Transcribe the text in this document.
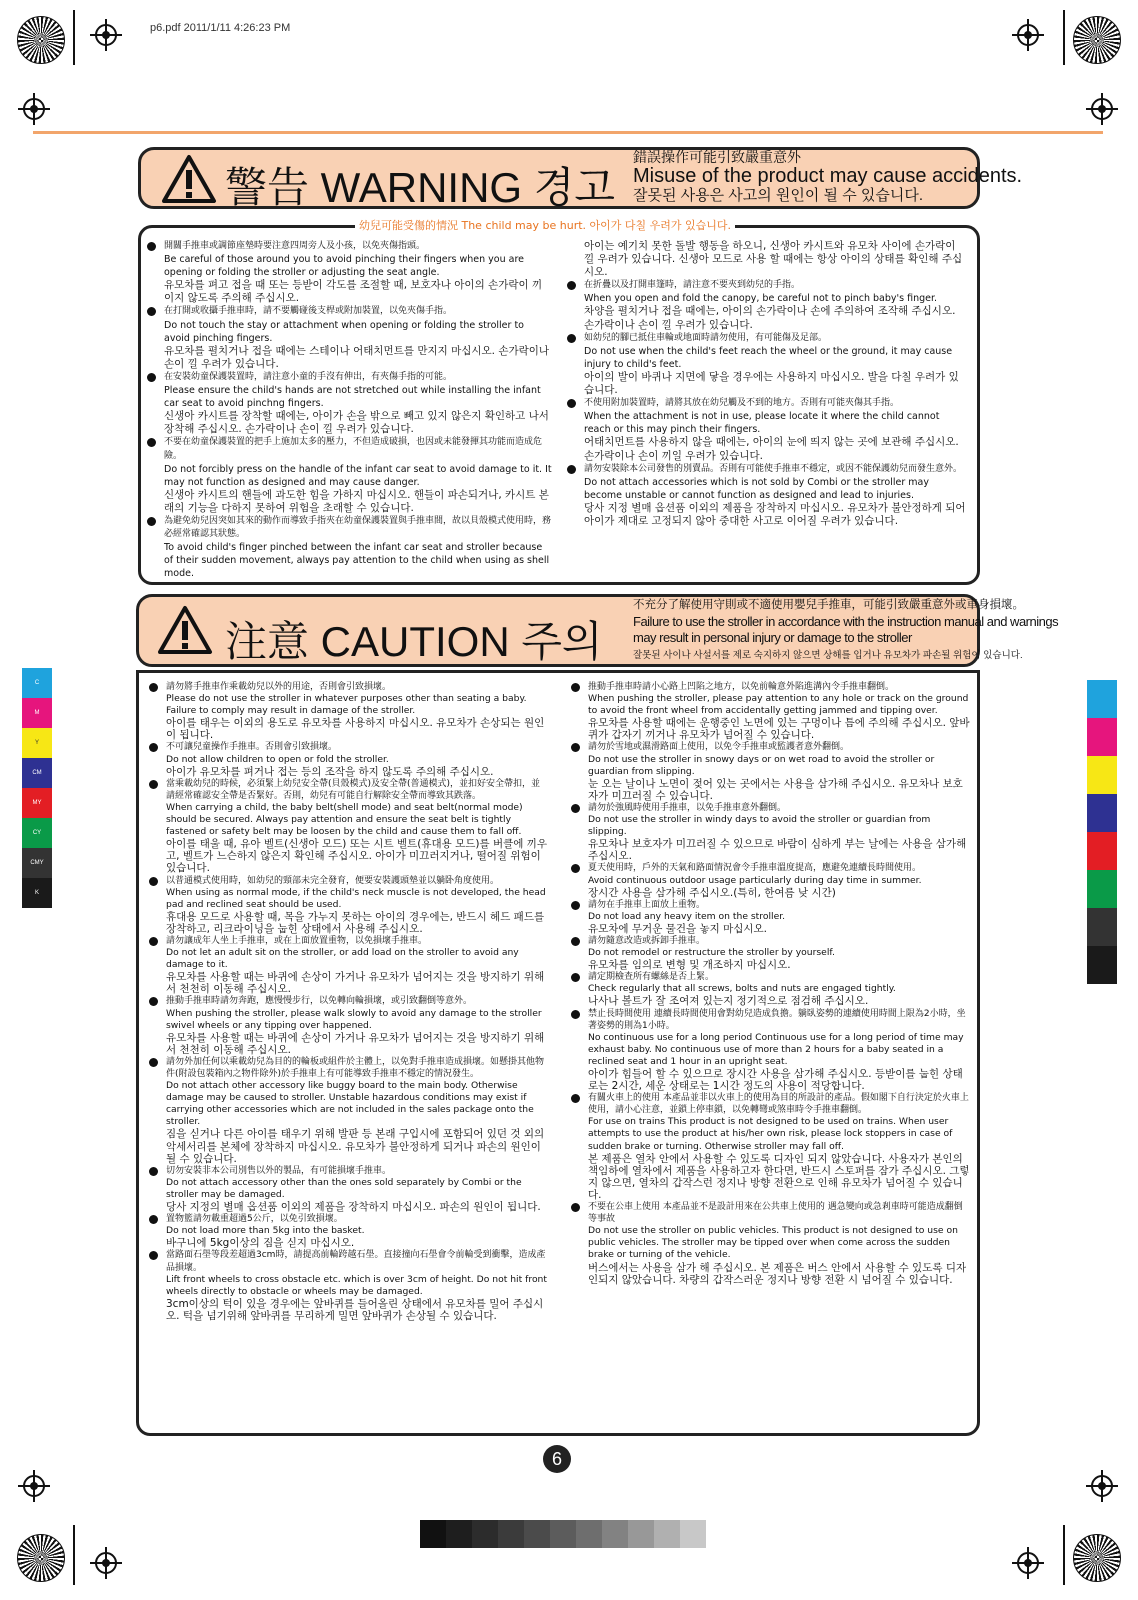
p6.pdf 2011/1/11 4:26:23 PM
C
M
Y
CM
MY
CY
CMY
K
警告 WARNING 경고
錯誤操作可能引致嚴重意外
Misuse of the product may cause accidents.
잘못된 사용은 사고의 원인이 될 수 있습니다.
開關手推車或調節座墊時要注意四周旁人及小孩，以免夾傷指頭。
Be careful of those around you to avoid pinching their fingers when you are opening or folding the stroller or adjusting the seat angle.
유모차를 펴고 접을 때 또는 등받이 각도를 조절할 때, 보호자나 아이의 손가락이 끼이지 않도록 주의해 주십시오.
在打開或收攝手推車時，請不要觸碰後支桿或附加裝置，以免夾傷手指。
Do not touch the stay or attachment when opening or folding the stroller to avoid pinching fingers.
유모차를 펼치거나 접을 때에는 스테이나 어태치먼트를 만지지 마십시오. 손가락이나 손이 낄 우려가 있습니다.
在安裝幼童保護裝置時，請注意小童的手沒有伸出，有夾傷手指的可能。
Please ensure the child's hands are not stretched out while installing the infant car seat to avoid pinchng fingers.
신생아 카시트를 장착할 때에는, 아이가 손을 밖으로 빼고 있지 않은지 확인하고 나서 장착해 주십시오. 손가락이나 손이 낄 우려가 있습니다.
不要在幼童保護裝置的把手上施加太多的壓力，不但造成破損，也因或未能發揮其功能而造成危險。
Do not forcibly press on the handle of the infant car seat to avoid damage to it. It may not function as designed and may cause danger.
신생아 카시트의 핸들에 과도한 힘을 가하지 마십시오. 핸들이 파손되거나, 카시트 본래의 기능을 다하지 못하여 위험을 초래할 수 있습니다.
為避免幼兒因突如其來的動作而導致手指夾在幼童保護裝置與手推車間，故以貝殼模式使用時，務必經常確認其狀態。
To avoid child's finger pinched between the infant car seat and stroller because of their sudden movement, always pay attention to the child when using as shell mode.
아이는 예기치 못한 돌발 행동을 하오니, 신생아 카시트와 유모차 사이에 손가락이 낄 우려가 있습니다. 신생아 모드로 사용 할 때에는 항상 아이의 상태를 확인해 주십시오.
在折疊以及打開車篷時，請注意不要夾到幼兒的手指。
When you open and fold the canopy, be careful not to pinch baby's finger.
차양을 펼치거나 접을 때에는, 아이의 손가락이나 손에 주의하여 조작해 주십시오. 손가락이나 손이 낄 우려가 있습니다.
如幼兒的腳已抵住車輪或地面時請勿使用，有可能傷及足部。
Do not use when the child's feet reach the wheel or the ground, it may cause injury to child's feet.
아이의 발이 바퀴나 지면에 닿을 경우에는 사용하지 마십시오. 발을 다칠 우려가 있습니다.
不使用附加裝置時，請將其放在幼兒觸及不到的地方。否則有可能夾傷其手指。
When the attachment is not in use, please locate it where the child cannot reach or this may pinch their fingers.
어태치먼트를 사용하지 않을 때에는, 아이의 눈에 띄지 않는 곳에 보관해 주십시오. 손가락이나 손이 끼일 우려가 있습니다.
請勿安裝除本公司發售的別賣品。否則有可能使手推車不穩定，或因不能保護幼兒而發生意外。
Do not attach accessories which is not sold by Combi or the stroller may become unstable or cannot function as designed and lead to injuries.
당사 지정 별매 옵션품 이외의 제품을 장착하지 마십시오. 유모차가 불안정하게 되어 아이가 제대로 고정되지 않아 중대한 사고로 이어질 우려가 있습니다.
幼兒可能受傷的情況 The child may be hurt. 아이가 다칠 우려가 있습니다.
注意 CAUTION 주의
不充分了解使用守則或不適使用嬰兒手推車，可能引致嚴重意外或車身損壞。
Failure to use the stroller in accordance with the instruction manual and warnings
may result in personal injury or damage to the stroller
잘못된 사이나 사설서를 제로 숙지하지 않으면 상해를 입거나 유모차가 파손될 위험이 있습니다.
請勿將手推車作乘載幼兒以外的用途，否則會引致損壞。
Please do not use the stroller in whatever purposes other than seating a baby. Failure to comply may result in damage of the stroller.
아이를 태우는 이외의 용도로 유모차를 사용하지 마십시오. 유모차가 손상되는 원인이 됩니다.
不可讓兒童操作手推車。否則會引致損壞。
Do not allow children to open or fold the stroller.
아이가 유모차를 펴거나 접는 등의 조작을 하지 않도록 주의해 주십시오.
當乘載幼兒的時候，必須緊上幼兒安全帶(貝殼模式)及安全帶(普通模式)，並扣好安全帶扣，並請經常確認安全帶是否緊好。否則，幼兒有可能自行解除安全帶而導致其跌落。
When carrying a child, the baby belt(shell mode) and seat belt(normal mode) should be secured. Always pay attention and ensure the seat belt is tightly fastened or safety belt may be loosen by the child and cause them to fall off.
아이를 태울 때, 유아 벨트(신생아 모드) 또는 시트 벨트(휴대용 모드)를 버클에 끼우고, 벨트가 느슨하지 않은지 확인해 주십시오. 아이가 미끄러지거나, 떨어질 위험이 있습니다.
以普通模式使用時，如幼兒的頸部未完全發育，便要安裝護頭墊並以躺卧角度使用。
When using as normal mode, if the child's neck muscle is not developed, the head pad and reclined seat should be used.
휴대용 모드로 사용할 때, 목을 가누지 못하는 아이의 경우에는, 반드시 헤드 패드를 장착하고, 리크라이닝을 눕힌 상태에서 사용해 주십시오.
請勿讓成年人坐上手推車，或在上面放置重物，以免損壞手推車。
Do not let an adult sit on the stroller, or add load on the stroller to avoid any damage to it.
유모차를 사용할 때는 바퀴에 손상이 가거나 유모차가 넘어지는 것을 방지하기 위해서 천천히 이동해 주십시오.
推動手推車時請勿奔跑，應慢慢步行，以免轉向輪損壞，或引致翻倒等意外。
When pushing the stroller, please walk slowly to avoid any damage to the stroller swivel wheels or any tipping over happened.
유모차를 사용할 때는 바퀴에 손상이 가거나 유모차가 넘어지는 것을 방지하기 위해서 천천히 이동해 주십시오.
請勿外加任何以乘載幼兒為目的的輪板或組件於主體上，以免對手推車造成損壞。如懸掛其他物件(附設包裝箱內之物件除外)於手推車上有可能導致手推車不穩定的情況發生。
Do not attach other accessory like buggy board to the main body. Otherwise damage may be caused to stroller. Unstable hazardous conditions may exist if carrying other accessories which are not included in the sales package onto the stroller.
짐을 싣거나 다른 아이를 태우기 위해 발판 등 본래 구입시에 포함되어 있던 것 외의 악세서리를 본체에 장착하지 마십시오. 유모차가 불안정하게 되거나 파손의 원인이 될 수 있습니다.
切勿安裝非本公司別售以外的製品，有可能損壞手推車。
Do not attach accessory other than the ones sold separately by Combi or the stroller may be damaged.
당사 지정의 별매 옵션품 이외의 제품을 장착하지 마십시오. 파손의 원인이 됩니다.
置物籃請勿載重超過5公斤，以免引致損壞。
Do not load more than 5kg into the basket.
바구니에 5kg이상의 짐을 싣지 마십시오.
當路面石壆等段差超過3cm時，請提高前輪跨越石壆。直接撞向石壆會令前輪受到衝擊，造成產品損壞。
Lift front wheels to cross obstacle etc. which is over 3cm of height. Do not hit front wheels directly to obstacle or wheels may be damaged.
3cm이상의 턱이 있을 경우에는 앞바퀴를 들어올린 상태에서 유모차를 밀어 주십시오. 턱을 넘기위해 앞바퀴를 무리하게 밀면 앞바퀴가 손상될 수 있습니다.
推動手推車時請小心路上凹陷之地方，以免前輪意外陷進溝內令手推車翻倒。
When pushing the stroller, please pay attention to any hole or track on the ground to avoid the front wheel from accidentally getting jammed and tipping over.
유모차를 사용할 때에는 운행중인 노면에 있는 구멍이나 틈에 주의해 주십시오. 앞바퀴가 갑자기 끼거나 유모차가 넘어질 수 있습니다.
請勿於雪地或濕滑路面上使用，以免令手推車或監護者意外翻倒。
Do not use the stroller in snowy days or on wet road to avoid the stroller or guardian from slipping.
눈 오는 날이나 노면이 젖어 있는 곳에서는 사용을 삼가해 주십시오. 유모차나 보호자가 미끄러질 수 있습니다.
請勿於強風時使用手推車，以免手推車意外翻倒。
Do not use the stroller in windy days to avoid the stroller or guardian from slipping.
유모차나 보호자가 미끄러질 수 있으므로 바람이 심하게 부는 날에는 사용을 삼가해 주십시오.
夏天使用時，戶外的天氣和路面情況會令手推車溫度提高，應避免連續長時間使用。
Avoid continuous outdoor usage particularly during day time in summer.
장시간 사용을 삼가해 주십시오.(특히, 한여름 낮 시간)
請勿在手推車上面放上重物。
Do not load any heavy item on the stroller.
유모차에 무거운 물건을 놓지 마십시오.
請勿隨意改造或拆卸手推車。
Do not remodel or restructure the stroller by yourself.
유모차를 임의로 변형 및 개조하지 마십시오.
請定期檢查所有螺絲是否上緊。
Check regularly that all screws, bolts and nuts are engaged tightly.
나사나 볼트가 잘 조여져 있는지 정기적으로 점검해 주십시오.
禁止長時間使用 連續長時間使用會對幼兒造成負擔。躺臥姿勢的連續使用時間上限為2小時，坐著姿勢的則為1小時。
No continuous use for a long period Continuous use for a long period of time may exhaust baby. No continuous use of more than 2 hours for a baby seated in a reclined seat and 1 hour in an upright seat.
아이가 힘들어 할 수 있으므로 장시간 사용을 삼가해 주십시오. 등받이를 눕힌 상태로는 2시간, 세운 상태로는 1시간 정도의 사용이 적당합니다.
有關火車上的使用 本產品並非以火車上的使用為目的所設計的產品。假如閣下自行決定於火車上使用，請小心注意，並鎖上停車鎖，以免轉彎或煞車時令手推車翻倒。
For use on trains This product is not designed to be used on trains. When user attempts to use the product at his/her own risk, please lock stoppers in case of sudden brake or turning. Otherwise stroller may fall off.
본 제품은 열차 안에서 사용할 수 있도록 디자인 되지 않았습니다. 사용자가 본인의 책임하에 열차에서 제품을 사용하고자 한다면, 반드시 스토퍼를 잠가 주십시오. 그렇지 않으면, 열차의 갑작스런 정지나 방향 전환으로 인해 유모차가 넘어질 수 있습니다.
不要在公車上使用 本產品並不是設計用來在公共車上使用的 遇急變向或急剎車時可能造成翻倒等事故
Do not use the stroller on public vehicles. This product is not designed to use on public vehicles. The stroller may be tipped over when come across the sudden brake or turning of the vehicle.
버스에서는 사용을 삼가 해 주십시오. 본 제품은 버스 안에서 사용할 수 있도록 디자인되지 않았습니다. 차량의 갑작스러운 정지나 방향 전환 시 넘어질 수 있습니다.
6
